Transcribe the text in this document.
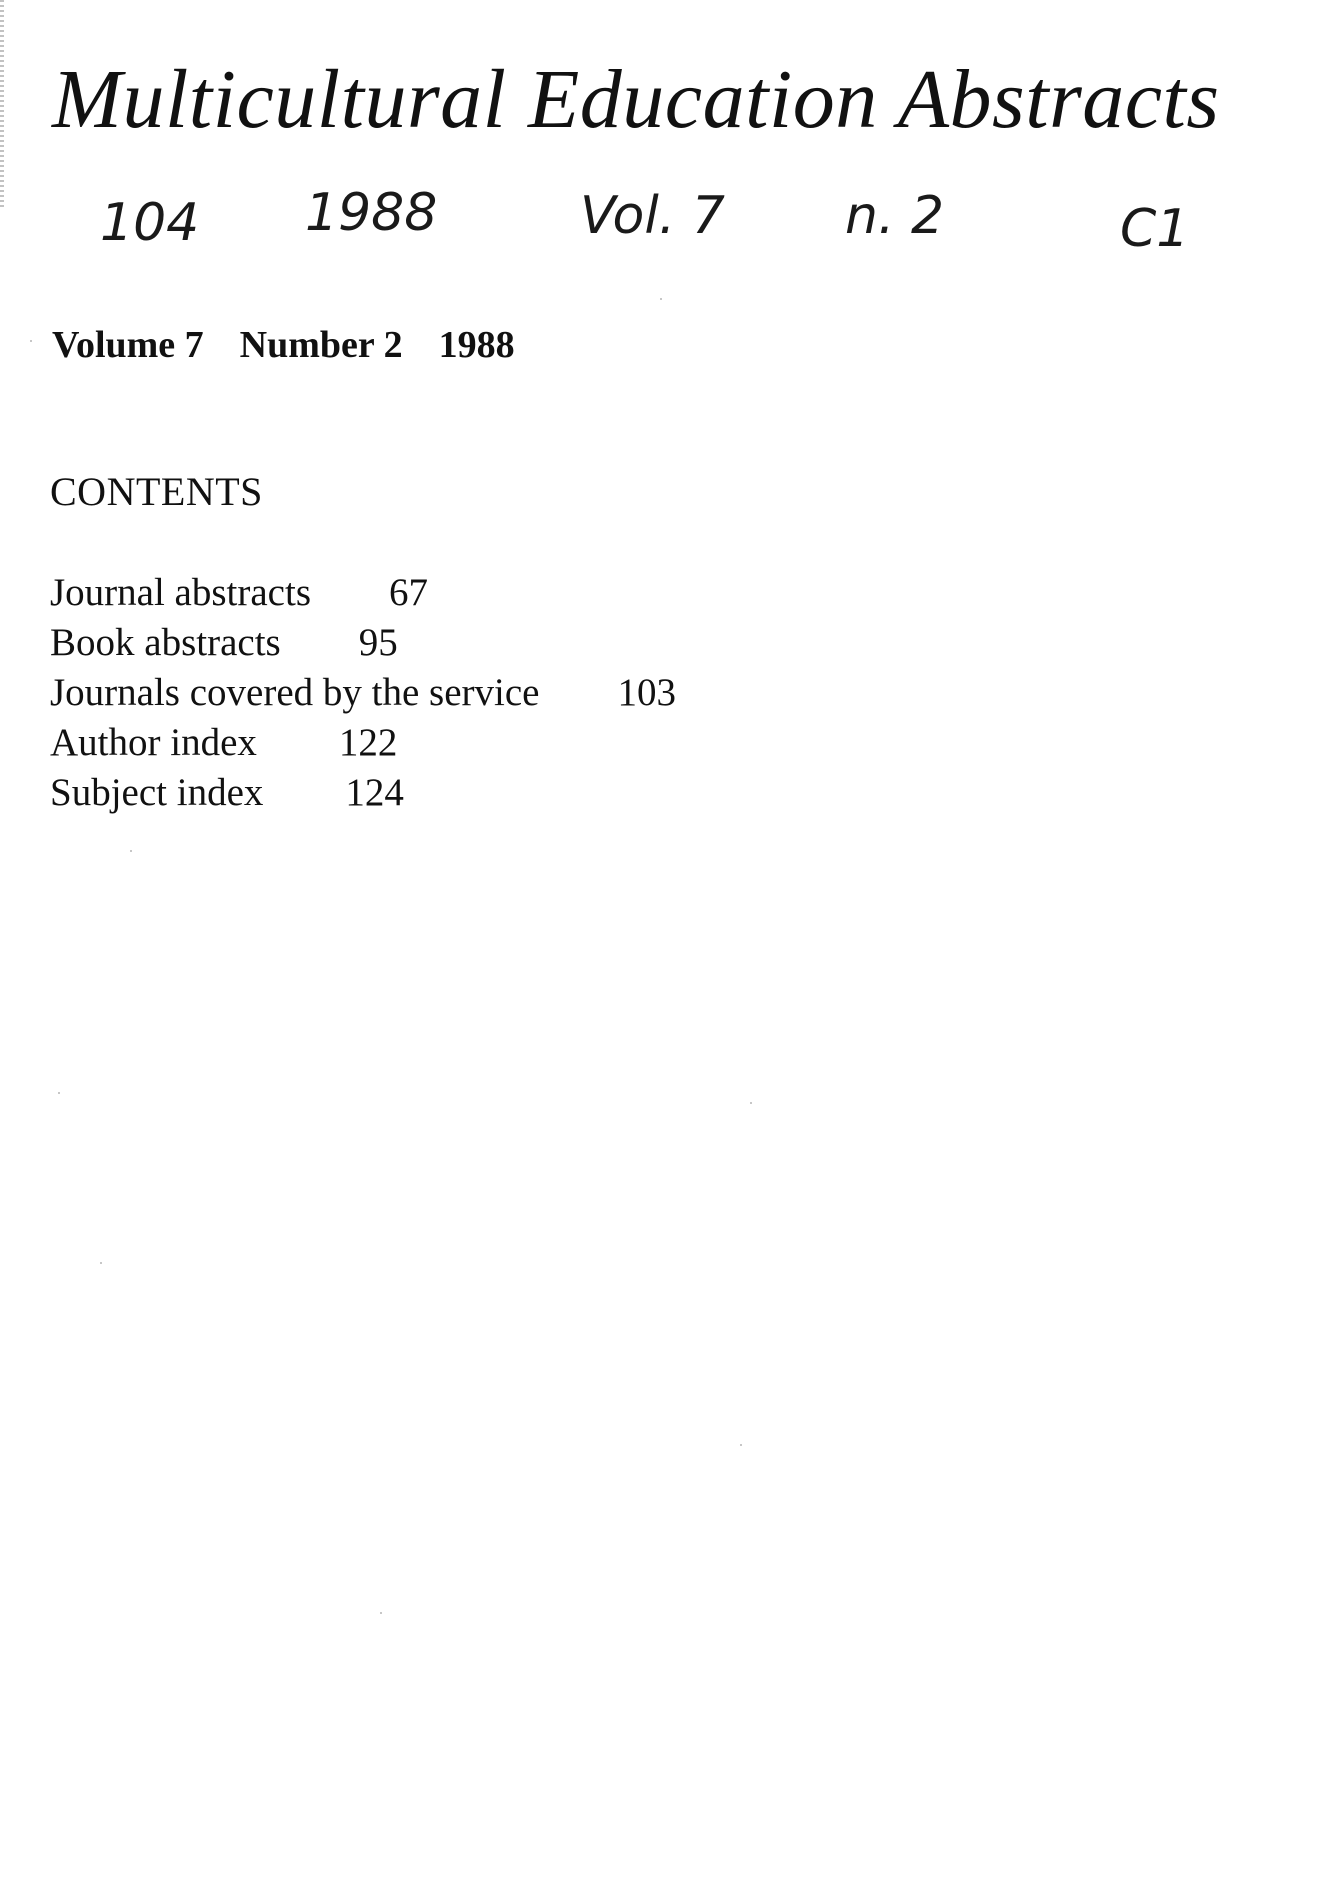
Multicultural Education Abstracts
104 1988	Vol. 7 n. 2	C1

Volume 7 Number 2 1988

CONTENTS
Journal abstracts 67
Book abstracts 95
Journals covered by the service 103
Author index 122
Subject index 124
